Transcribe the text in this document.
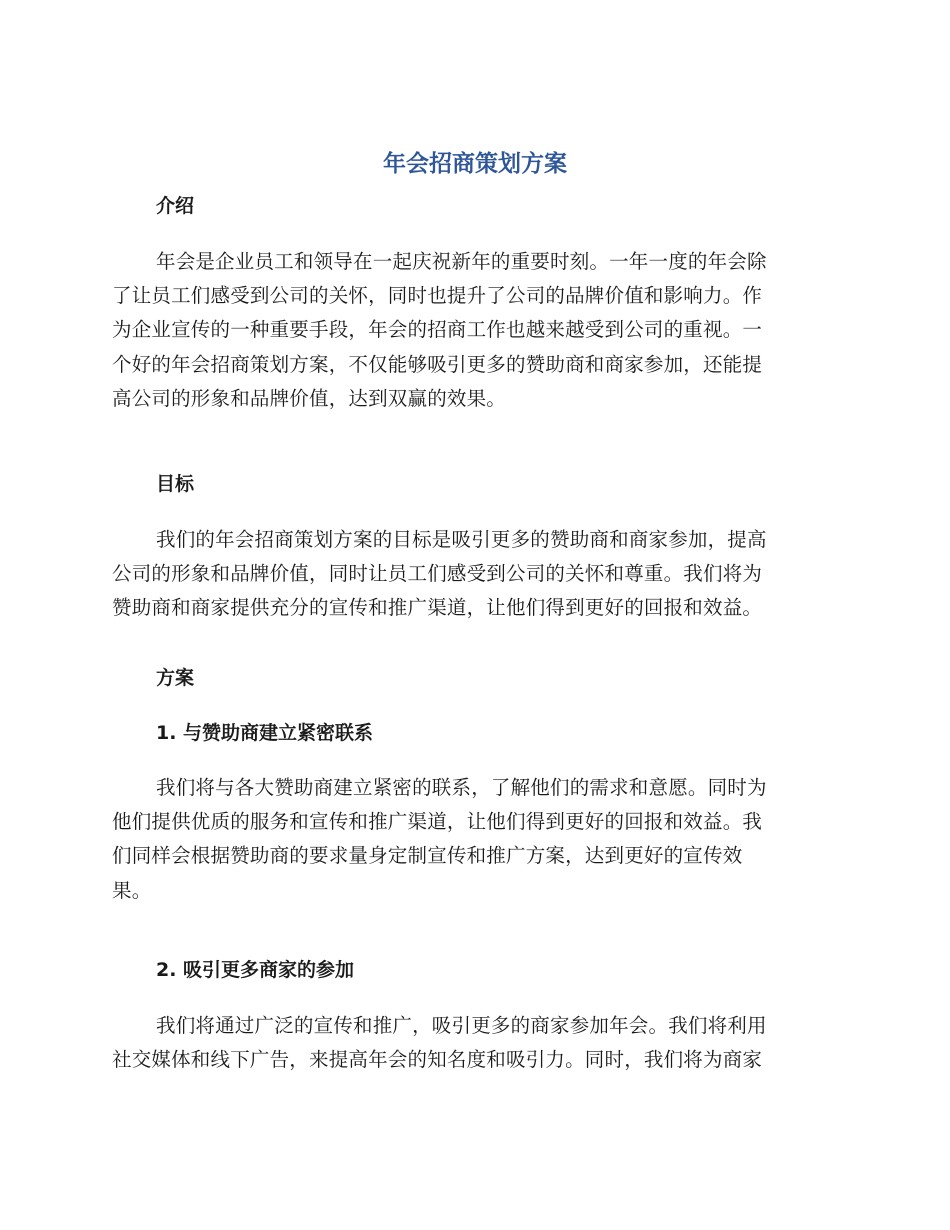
年会招商策划方案
介绍

年会是企业员工和领导在一起庆祝新年的重要时刻。一年一度的年会除
了让员工们感受到公司的关怀，同时也提升了公司的品牌价值和影响力。作
为企业宣传的一种重要手段，年会的招商工作也越来越受到公司的重视。一
个好的年会招商策划方案，不仅能够吸引更多的赞助商和商家参加，还能提
高公司的形象和品牌价值，达到双赢的效果。

目标

我们的年会招商策划方案的目标是吸引更多的赞助商和商家参加，提高
公司的形象和品牌价值，同时让员工们感受到公司的关怀和尊重。我们将为
赞助商和商家提供充分的宣传和推广渠道，让他们得到更好的回报和效益。

方案
1. 与赞助商建立紧密联系

我们将与各大赞助商建立紧密的联系，了解他们的需求和意愿。同时为
他们提供优质的服务和宣传和推广渠道，让他们得到更好的回报和效益。我
们同样会根据赞助商的要求量身定制宣传和推广方案，达到更好的宣传效
果。

2. 吸引更多商家的参加

我们将通过广泛的宣传和推广，吸引更多的商家参加年会。我们将利用
社交媒体和线下广告，来提高年会的知名度和吸引力。同时，我们将为商家
